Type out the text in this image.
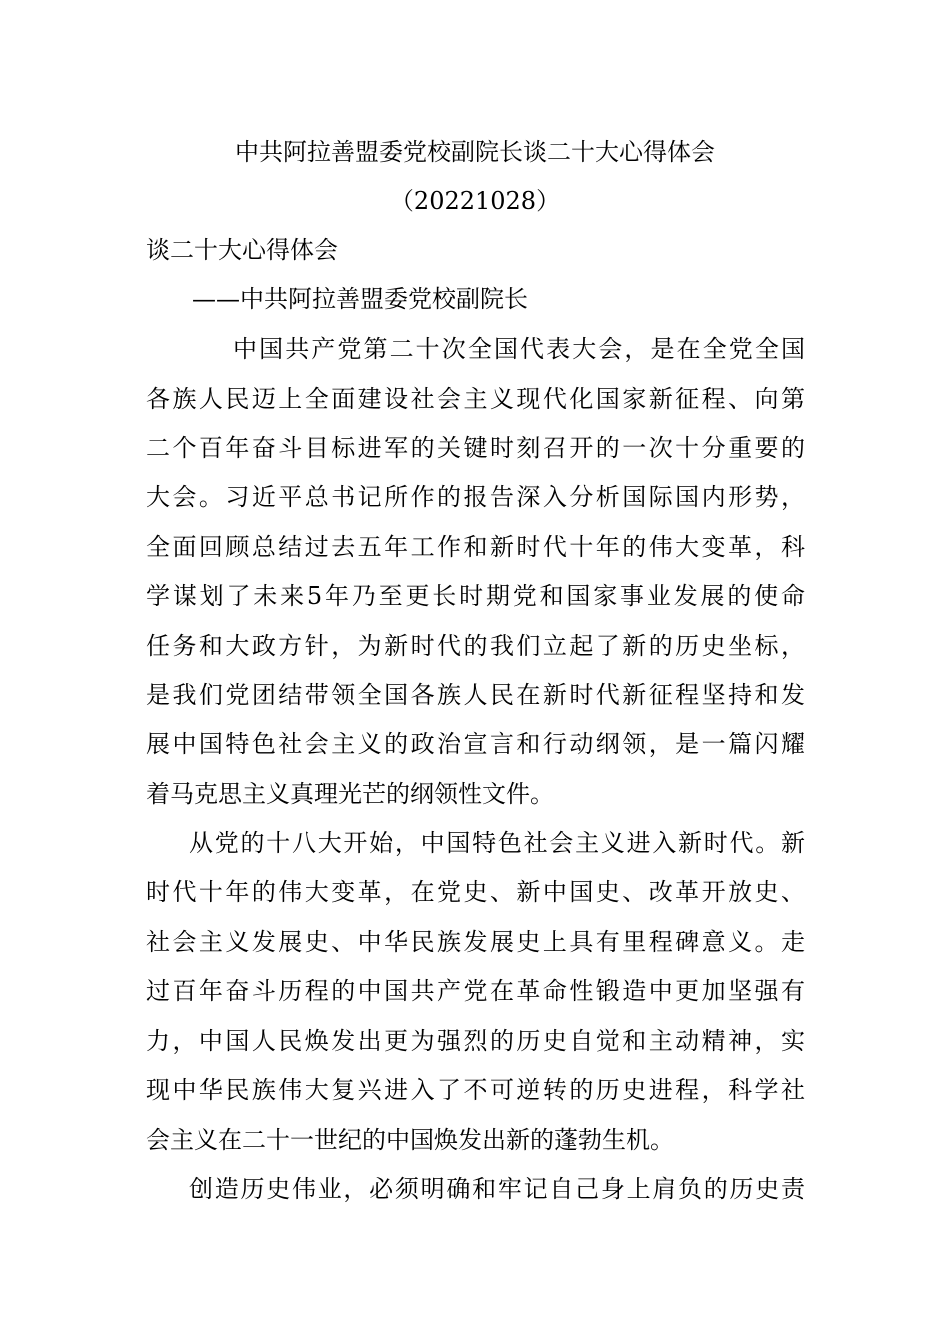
中共阿拉善盟委党校副院长谈二十大心得体会
（20221028）
谈二十大心得体会
——中共阿拉善盟委党校副院长
中国共产党第二十次全国代表大会，是在全党全国
各族人民迈上全面建设社会主义现代化国家新征程、向第
二个百年奋斗目标进军的关键时刻召开的一次十分重要的
大会。习近平总书记所作的报告深入分析国际国内形势，
全面回顾总结过去五年工作和新时代十年的伟大变革，科
学谋划了未来5年乃至更长时期党和国家事业发展的使命
任务和大政方针，为新时代的我们立起了新的历史坐标，
是我们党团结带领全国各族人民在新时代新征程坚持和发
展中国特色社会主义的政治宣言和行动纲领，是一篇闪耀
着马克思主义真理光芒的纲领性文件。
从党的十八大开始，中国特色社会主义进入新时代。新
时代十年的伟大变革，在党史、新中国史、改革开放史、
社会主义发展史、中华民族发展史上具有里程碑意义。走
过百年奋斗历程的中国共产党在革命性锻造中更加坚强有
力，中国人民焕发出更为强烈的历史自觉和主动精神，实
现中华民族伟大复兴进入了不可逆转的历史进程，科学社
会主义在二十一世纪的中国焕发出新的蓬勃生机。
创造历史伟业，必须明确和牢记自己身上肩负的历史责
